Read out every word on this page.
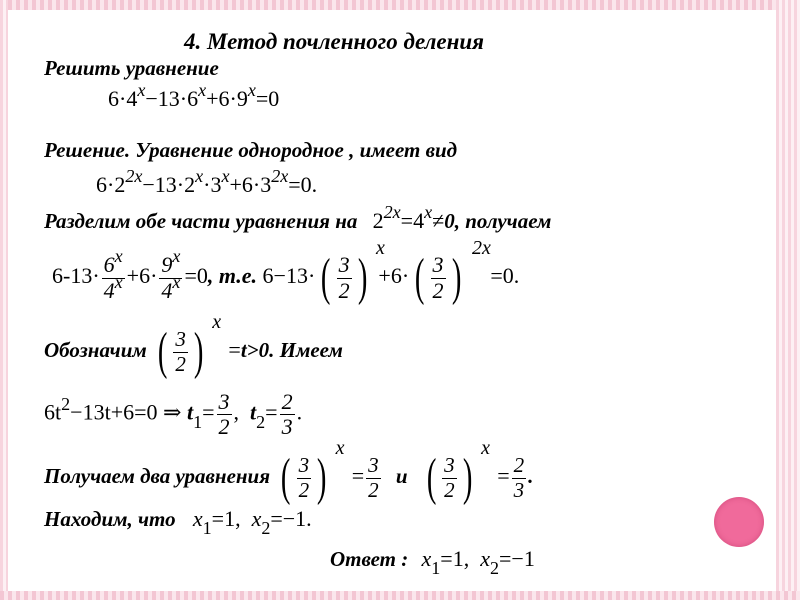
4. Метод почленного деления
Решить уравнение
$6\cdot 4^x-13\cdot 6^x+6\cdot 9^x=0$
Решение. Уравнение однородное , имеет вид
$6\cdot 2^{2x}-13\cdot 2^x\cdot 3^x+6\cdot 3^{2x}=0$.
Разделим обе части уравнения на $2^{2x}=4^x\ne 0$, получаем
$6-13\cdot \frac{6^x}{4^x} +6\cdot \frac{9^x}{4^x} =0$, т.е. 6−13· ( $\frac{3}{2}$ )
x
+6· ( $\frac{3}{2}$ )
2x
=0.
Обозначим ( $\frac{3}{2}$ )
x
=t>0. Имеем
$6t^2-13t+6=0$ ⇒ $t_1= \frac{3}{2}$ ,  $t_2= \frac{2}{3}$ .
Получаем два уравнения ( $\frac{3}{2}$ )
x
= $\frac{3}{2}$ и ( $\frac{3}{2}$ )
x
= $\frac{2}{3}$ .
Находим, что $x_1=1$, $x_2=-1$.
Ответ : $x_1=1$, $x_2=-1$
